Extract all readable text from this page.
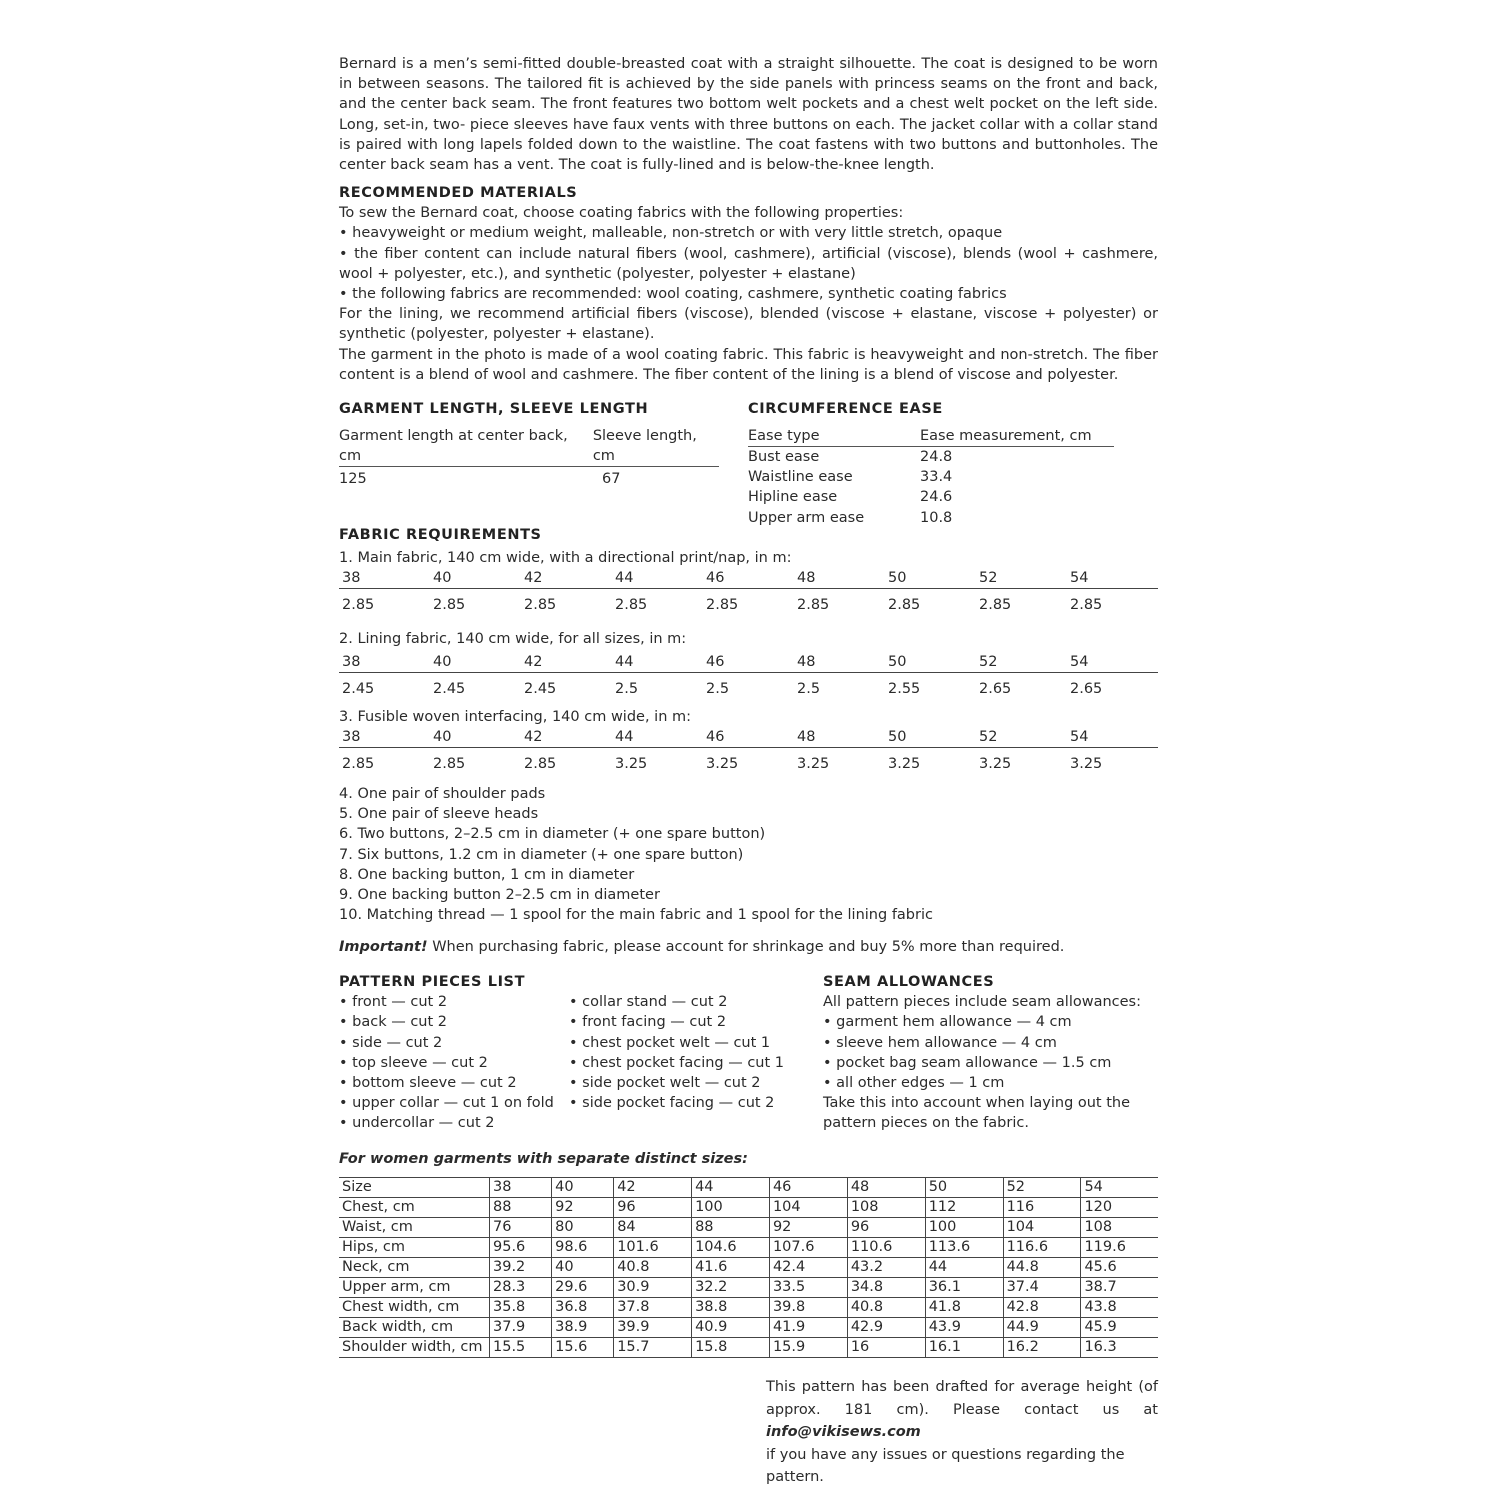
Bernard is a men’s semi-fitted double-breasted coat with a straight silhouette. The coat is designed to be worn in between seasons. The tailored fit is achieved by the side panels with princess seams on the front and back, and the center back seam. The front features two bottom welt pockets and a chest welt pocket on the left side. Long, set-in, two- piece sleeves have faux vents with three buttons on each. The jacket collar with a collar stand is paired with long lapels folded down to the waistline. The coat fastens with two buttons and buttonholes. The center back seam has a vent. The coat is fully-lined and is below-the-knee length.

RECOMMENDED MATERIALS
To sew the Bernard coat, choose coating fabrics with the following properties:
• heavyweight or medium weight, malleable, non-stretch or with very little stretch, opaque
• the fiber content can include natural fibers (wool, cashmere), artificial (viscose), blends (wool + cashmere, wool + polyester, etc.), and synthetic (polyester, polyester + elastane)
• the following fabrics are recommended: wool coating, cashmere, synthetic coating fabrics
For the lining, we recommend artificial fibers (viscose), blended (viscose + elastane, viscose + polyester) or synthetic (polyester, polyester + elastane).
The garment in the photo is made of a wool coating fabric. This fabric is heavyweight and non-stretch. The fiber content is a blend of wool and cashmere. The fiber content of the lining is a blend of viscose and polyester.
GARMENT LENGTH, SLEEVE LENGTH
Garment length at center back, cm
Sleeve length, cm
125	67
CIRCUMFERENCE EASE
Ease type	Ease measurement, cm
Bust ease	24.8
Waistline ease	33.4
Hipline ease	24.6
Upper arm ease	10.8
FABRIC REQUIREMENTS
1. Main fabric, 140 cm wide, with a directional print/nap, in m:
38	40	42	44	46	48	50	52	54
2.85	2.85	2.85	2.85	2.85	2.85	2.85	2.85	2.85
2. Lining fabric, 140 cm wide, for all sizes, in m:
38	40	42	44	46	48	50	52	54
2.45	2.45	2.45	2.5	2.5	2.5	2.55	2.65	2.65
3. Fusible woven interfacing, 140 cm wide, in m:
38	40	42	44	46	48	50	52	54
2.85	2.85	2.85	3.25	3.25	3.25	3.25	3.25	3.25
4. One pair of shoulder pads
5. One pair of sleeve heads
6. Two buttons, 2–2.5 cm in diameter (+ one spare button)
7. Six buttons, 1.2 cm in diameter (+ one spare button)
8. One backing button, 1 cm in diameter
9. One backing button 2–2.5 cm in diameter
10. Matching thread — 1 spool for the main fabric and 1 spool for the lining fabric
Important! When purchasing fabric, please account for shrinkage and buy 5% more than required.
PATTERN PIECES LIST
• front — cut 2
• back — cut 2
• side — cut 2
• top sleeve — cut 2
• bottom sleeve — cut 2
• upper collar — cut 1 on fold
• undercollar — cut 2
• collar stand — cut 2
• front facing — cut 2
• chest pocket welt — cut 1
• chest pocket facing — cut 1
• side pocket welt — cut 2
• side pocket facing — cut 2
SEAM ALLOWANCES
All pattern pieces include seam allowances:
• garment hem allowance — 4 cm
• sleeve hem allowance — 4 cm
• pocket bag seam allowance — 1.5 cm
• all other edges — 1 cm
Take this into account when laying out the
pattern pieces on the fabric.
For women garments with separate distinct sizes:
Size	38	40	42	44	46	48	50	52	54
Chest, cm	88	92	96	100	104	108	112	116	120
Waist, cm	76	80	84	88	92	96	100	104	108
Hips, cm	95.6	98.6	101.6	104.6	107.6	110.6	113.6	116.6	119.6
Neck, cm	39.2	40	40.8	41.6	42.4	43.2	44	44.8	45.6
Upper arm, cm	28.3	29.6	30.9	32.2	33.5	34.8	36.1	37.4	38.7
Chest width, cm	35.8	36.8	37.8	38.8	39.8	40.8	41.8	42.8	43.8
Back width, cm	37.9	38.9	39.9	40.9	41.9	42.9	43.9	44.9	45.9
Shoulder width, cm	15.5	15.6	15.7	15.8	15.9	16	16.1	16.2	16.3
This pattern has been drafted for average height (of
approx. 181 cm). Please contact us at info@vikisews.com
if you have any issues or questions regarding the pattern.
